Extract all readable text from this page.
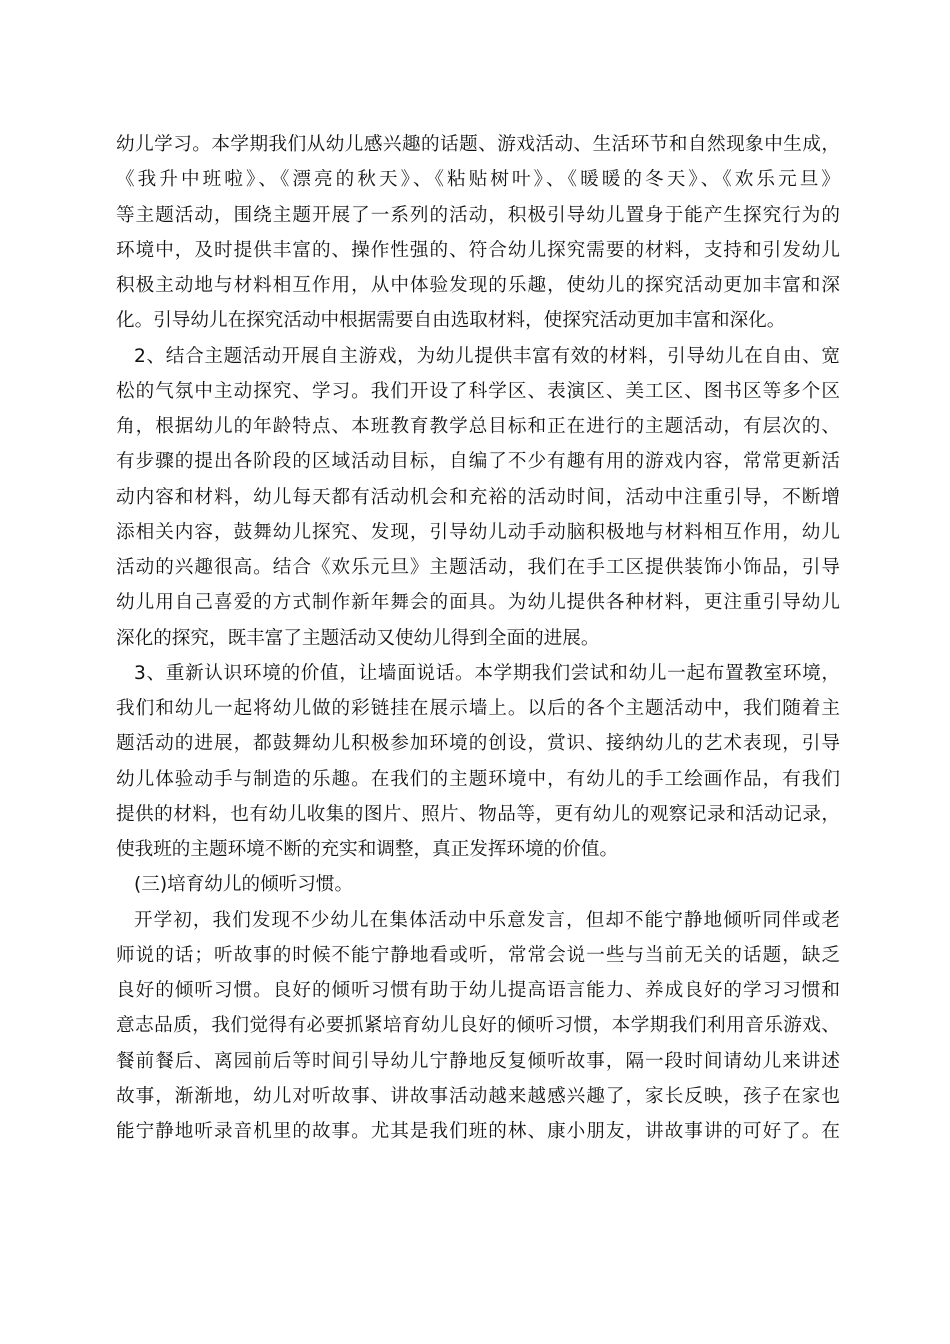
幼儿学习。本学期我们从幼儿感兴趣的话题、游戏活动、生活环节和自然现象中生成，
《我升中班啦》、《漂亮的秋天》、《粘贴树叶》、《暖暖的冬天》、《欢乐元旦》
等主题活动，围绕主题开展了一系列的活动，积极引导幼儿置身于能产生探究行为的
环境中，及时提供丰富的、操作性强的、符合幼儿探究需要的材料，支持和引发幼儿
积极主动地与材料相互作用，从中体验发现的乐趣，使幼儿的探究活动更加丰富和深
化。引导幼儿在探究活动中根据需要自由选取材料，使探究活动更加丰富和深化。
2、结合主题活动开展自主游戏，为幼儿提供丰富有效的材料，引导幼儿在自由、宽
松的气氛中主动探究、学习。我们开设了科学区、表演区、美工区、图书区等多个区
角，根据幼儿的年龄特点、本班教育教学总目标和正在进行的主题活动，有层次的、
有步骤的提出各阶段的区域活动目标，自编了不少有趣有用的游戏内容，常常更新活
动内容和材料，幼儿每天都有活动机会和充裕的活动时间，活动中注重引导，不断增
添相关内容，鼓舞幼儿探究、发现，引导幼儿动手动脑积极地与材料相互作用，幼儿
活动的兴趣很高。结合《欢乐元旦》主题活动，我们在手工区提供装饰小饰品，引导
幼儿用自己喜爱的方式制作新年舞会的面具。为幼儿提供各种材料，更注重引导幼儿
深化的探究，既丰富了主题活动又使幼儿得到全面的进展。
3、重新认识环境的价值，让墙面说话。本学期我们尝试和幼儿一起布置教室环境，
我们和幼儿一起将幼儿做的彩链挂在展示墙上。以后的各个主题活动中，我们随着主
题活动的进展，都鼓舞幼儿积极参加环境的创设，赏识、接纳幼儿的艺术表现，引导
幼儿体验动手与制造的乐趣。在我们的主题环境中，有幼儿的手工绘画作品，有我们
提供的材料，也有幼儿收集的图片、照片、物品等，更有幼儿的观察记录和活动记录，
使我班的主题环境不断的充实和调整，真正发挥环境的价值。
(三)培育幼儿的倾听习惯。
开学初，我们发现不少幼儿在集体活动中乐意发言，但却不能宁静地倾听同伴或老
师说的话；听故事的时候不能宁静地看或听，常常会说一些与当前无关的话题，缺乏
良好的倾听习惯。良好的倾听习惯有助于幼儿提高语言能力、养成良好的学习习惯和
意志品质，我们觉得有必要抓紧培育幼儿良好的倾听习惯，本学期我们利用音乐游戏、
餐前餐后、离园前后等时间引导幼儿宁静地反复倾听故事，隔一段时间请幼儿来讲述
故事，渐渐地，幼儿对听故事、讲故事活动越来越感兴趣了，家长反映，孩子在家也
能宁静地听录音机里的故事。尤其是我们班的林、康小朋友，讲故事讲的可好了。在
